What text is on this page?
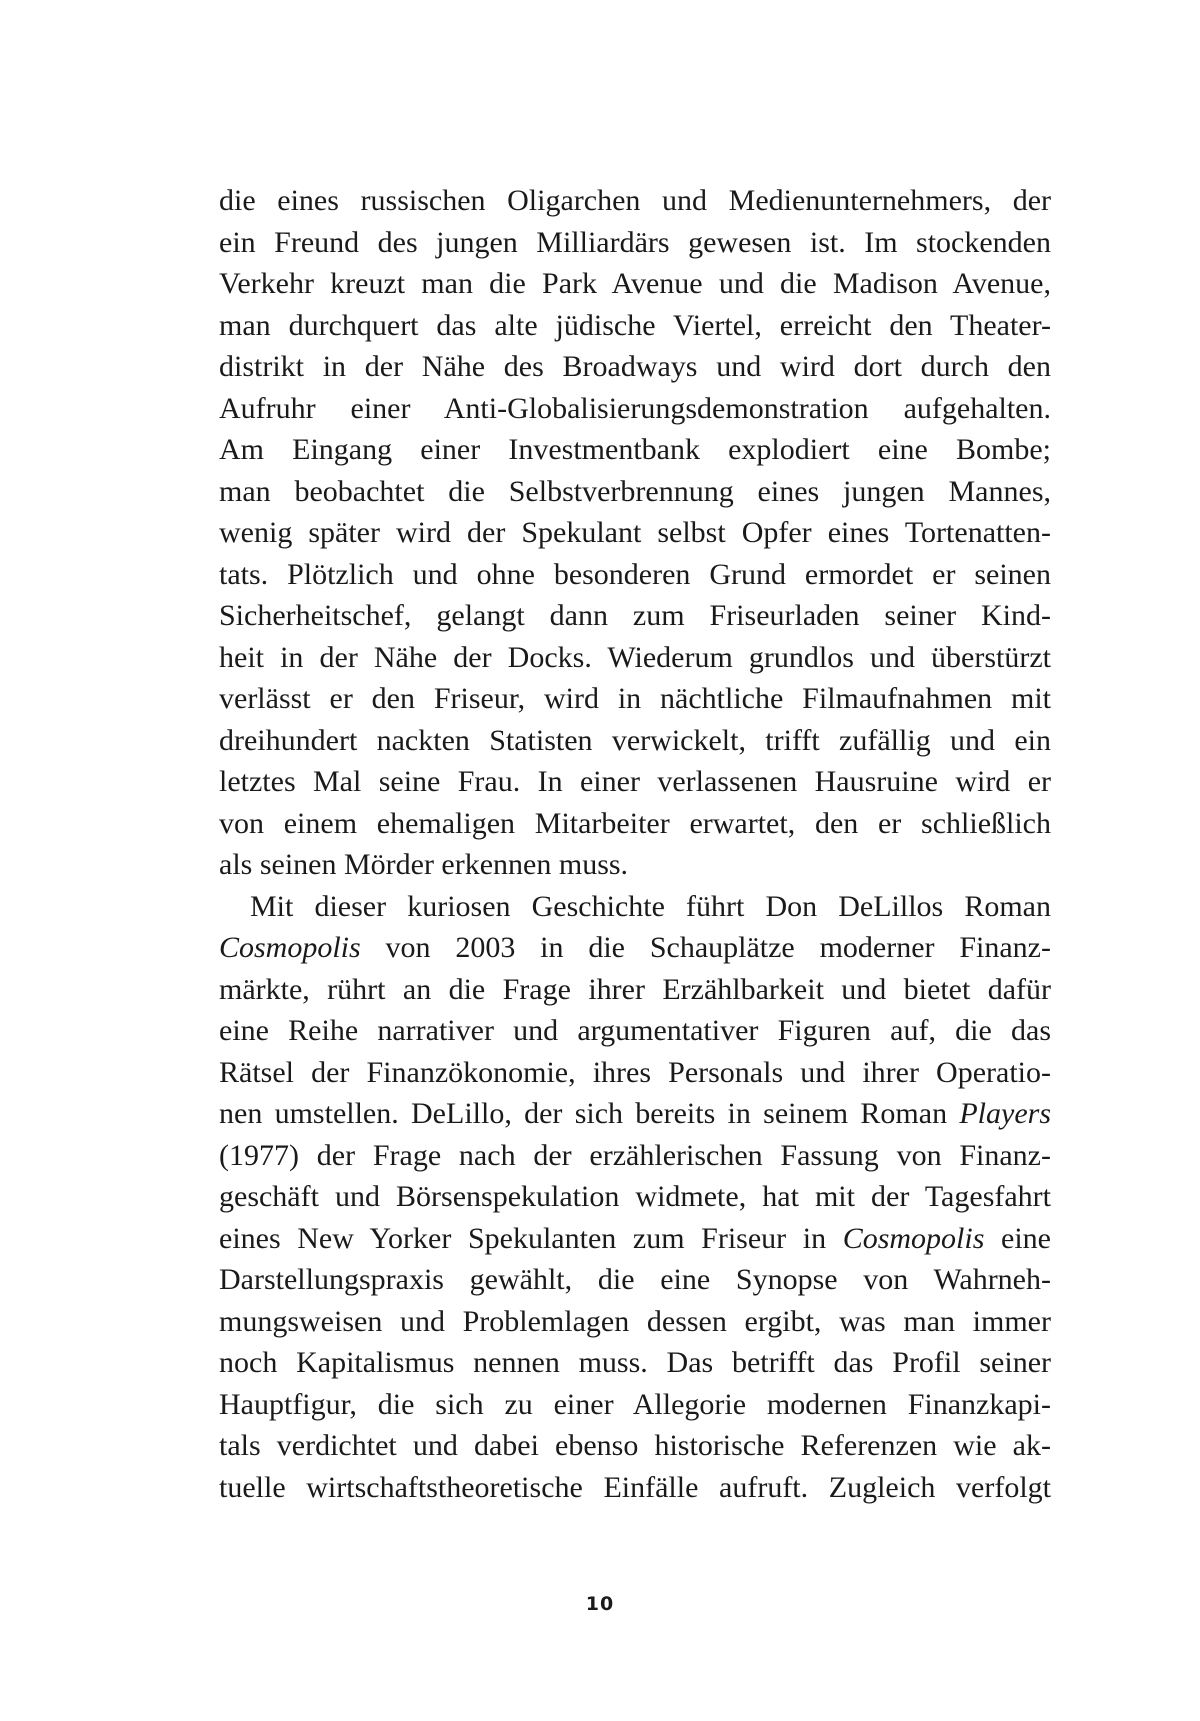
die eines russischen Oligarchen und Medienunternehmers, der
ein Freund des jungen Milliardärs gewesen ist. Im stockenden
Verkehr kreuzt man die Park Avenue und die Madison Avenue,
man durchquert das alte jüdische Viertel, erreicht den Theater-
distrikt in der Nähe des Broadways und wird dort durch den
Aufruhr einer Anti-Globalisierungsdemonstration aufgehalten.
Am Eingang einer Investmentbank explodiert eine Bombe;
man beobachtet die Selbstverbrennung eines jungen Mannes,
wenig später wird der Spekulant selbst Opfer eines Tortenatten-
tats. Plötzlich und ohne besonderen Grund ermordet er seinen
Sicherheitschef, gelangt dann zum Friseurladen seiner Kind-
heit in der Nähe der Docks. Wiederum grundlos und überstürzt
verlässt er den Friseur, wird in nächtliche Filmaufnahmen mit
dreihundert nackten Statisten verwickelt, trifft zufällig und ein
letztes Mal seine Frau. In einer verlassenen Hausruine wird er
von einem ehemaligen Mitarbeiter erwartet, den er schließlich
als seinen Mörder erkennen muss.
Mit dieser kuriosen Geschichte führt Don DeLillos Roman
Cosmopolis von 2003 in die Schauplätze moderner Finanz-
märkte, rührt an die Frage ihrer Erzählbarkeit und bietet dafür
eine Reihe narrativer und argumentativer Figuren auf, die das
Rätsel der Finanzökonomie, ihres Personals und ihrer Operatio-
nen umstellen. DeLillo, der sich bereits in seinem Roman Players
(1977) der Frage nach der erzählerischen Fassung von Finanz-
geschäft und Börsenspekulation widmete, hat mit der Tagesfahrt
eines New Yorker Spekulanten zum Friseur in Cosmopolis eine
Darstellungspraxis gewählt, die eine Synopse von Wahrneh-
mungsweisen und Problemlagen dessen ergibt, was man immer
noch Kapitalismus nennen muss. Das betrifft das Profil seiner
Hauptfigur, die sich zu einer Allegorie modernen Finanzkapi-
tals verdichtet und dabei ebenso historische Referenzen wie ak-
tuelle wirtschaftstheoretische Einfälle aufruft. Zugleich verfolgt
10
